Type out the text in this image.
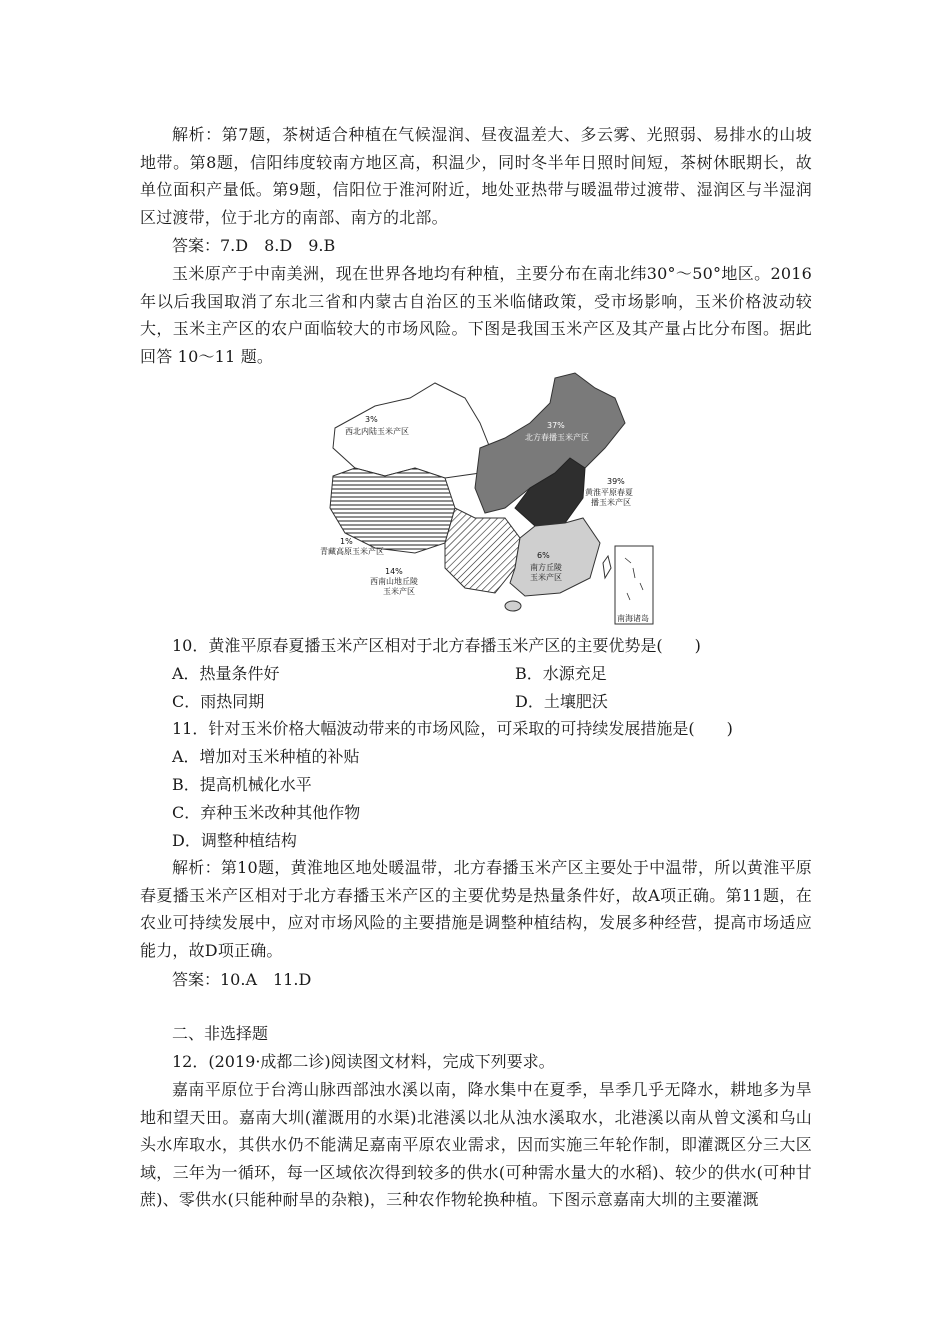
解析：第7题，茶树适合种植在气候湿润、昼夜温差大、多云雾、光照弱、易排水的山坡地带。第8题，信阳纬度较南方地区高，积温少，同时冬半年日照时间短，茶树休眠期长，故单位面积产量低。第9题，信阳位于淮河附近，地处亚热带与暖温带过渡带、湿润区与半湿润区过渡带，位于北方的南部、南方的北部。

答案：7.D　8.D　9.B

玉米原产于中南美洲，现在世界各地均有种植，主要分布在南北纬30°～50°地区。2016年以后我国取消了东北三省和内蒙古自治区的玉米临储政策，受市场影响，玉米价格波动较大，玉米主产区的农户面临较大的市场风险。下图是我国玉米产区及其产量占比分布图。据此回答 10～11 题。

南海诸岛
3%
西北内陆玉米产区
37%
北方春播玉米产区
39%
黄淮平原春夏
播玉米产区
1%
青藏高原玉米产区
14%
西南山地丘陵
玉米产区
6%
南方丘陵
玉米产区

10．黄淮平原春夏播玉米产区相对于北方春播玉米产区的主要优势是(　　)

A．热量条件好	B．水源充足
C．雨热同期	D．土壤肥沃

11．针对玉米价格大幅波动带来的市场风险，可采取的可持续发展措施是(　　)

A．增加对玉米种植的补贴
B．提高机械化水平
C．弃种玉米改种其他作物
D．调整种植结构

解析：第10题，黄淮地区地处暖温带，北方春播玉米产区主要处于中温带，所以黄淮平原春夏播玉米产区相对于北方春播玉米产区的主要优势是热量条件好，故A项正确。第11题，在农业可持续发展中，应对市场风险的主要措施是调整种植结构，发展多种经营，提高市场适应能力，故D项正确。

答案：10.A　11.D

二、非选择题

12．(2019·成都二诊)阅读图文材料，完成下列要求。

嘉南平原位于台湾山脉西部浊水溪以南，降水集中在夏季，旱季几乎无降水，耕地多为旱地和望天田。嘉南大圳(灌溉用的水渠)北港溪以北从浊水溪取水，北港溪以南从曾文溪和乌山头水库取水，其供水仍不能满足嘉南平原农业需求，因而实施三年轮作制，即灌溉区分三大区域，三年为一循环，每一区域依次得到较多的供水(可种需水量大的水稻)、较少的供水(可种甘蔗)、零供水(只能种耐旱的杂粮)，三种农作物轮换种植。下图示意嘉南大圳的主要灌溉
